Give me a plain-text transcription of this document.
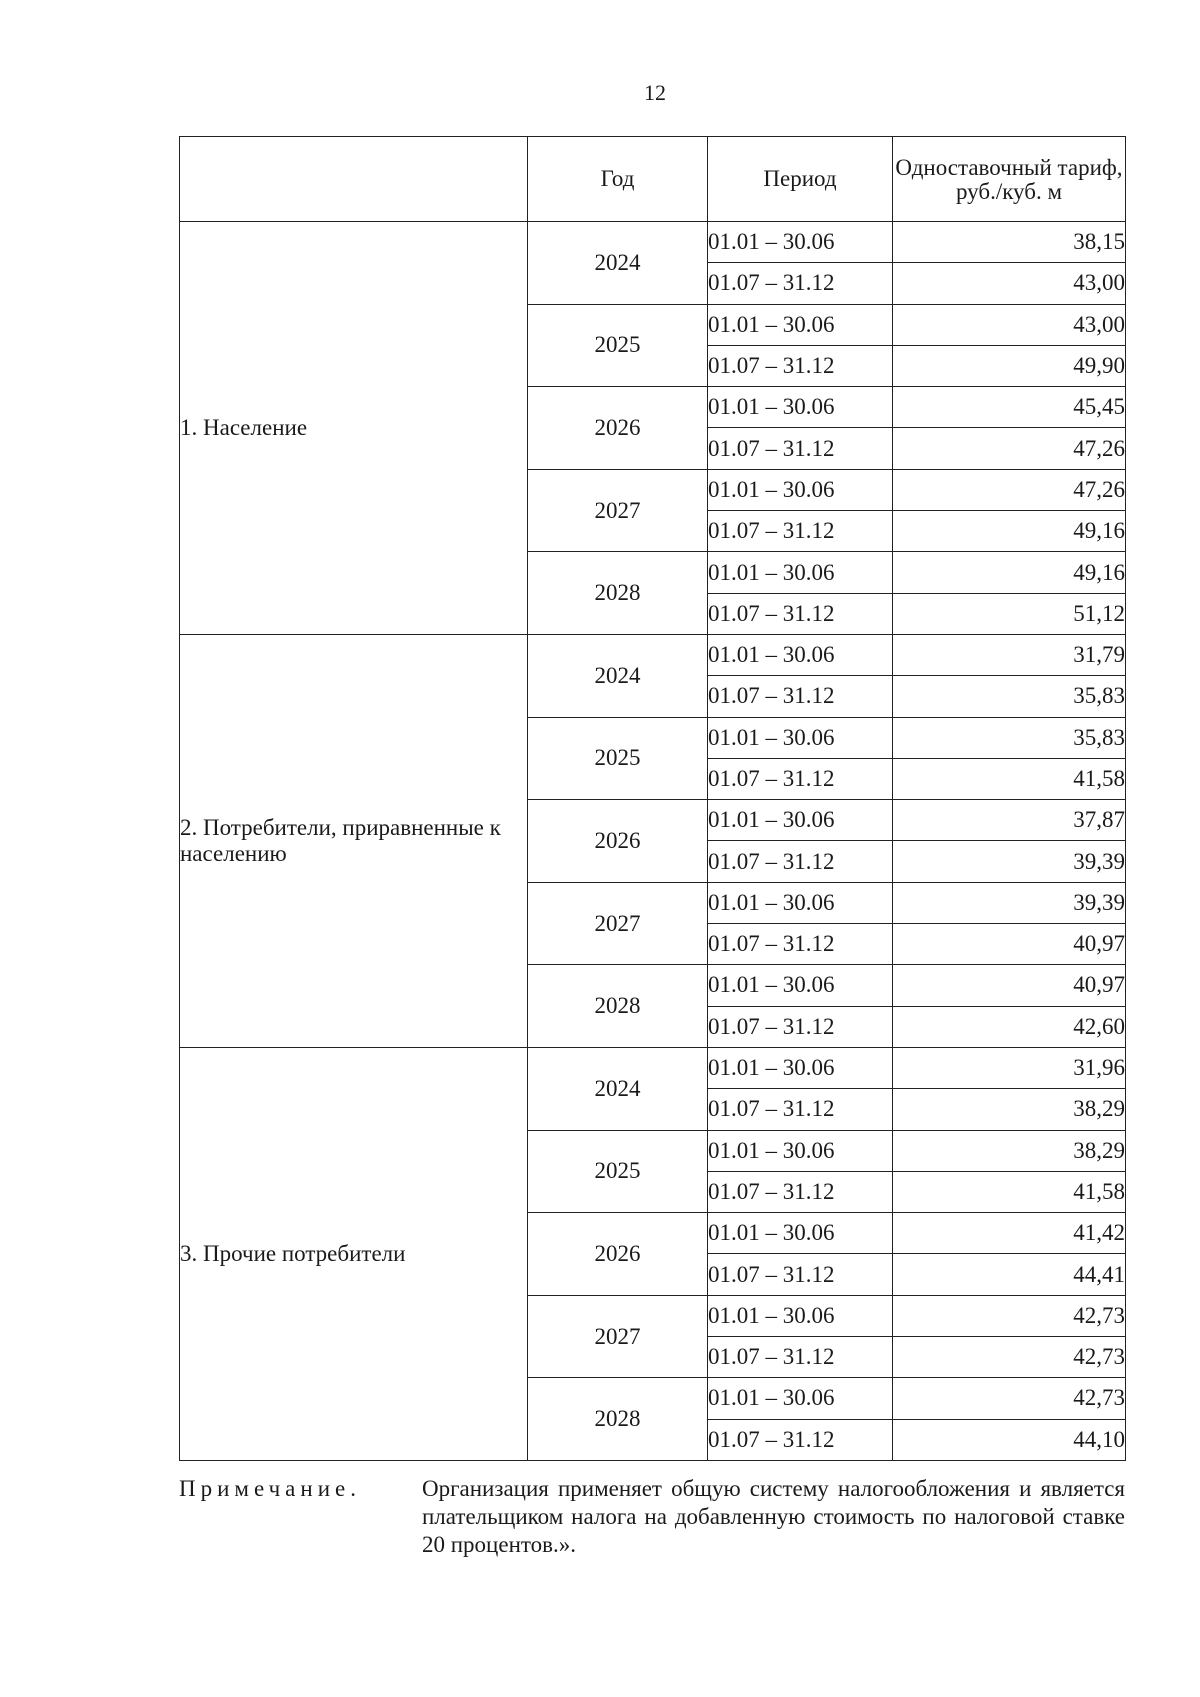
12
	Год	Период	Одноставочный тариф, руб./куб. м
1. Население	2024	01.01 – 30.06	38,15
		01.07 – 31.12	43,00
	2025	01.01 – 30.06	43,00
		01.07 – 31.12	49,90
	2026	01.01 – 30.06	45,45
		01.07 – 31.12	47,26
	2027	01.01 – 30.06	47,26
		01.07 – 31.12	49,16
	2028	01.01 – 30.06	49,16
		01.07 – 31.12	51,12
2. Потребители, приравненные к населению	2024	01.01 – 30.06	31,79
		01.07 – 31.12	35,83
	2025	01.01 – 30.06	35,83
		01.07 – 31.12	41,58
	2026	01.01 – 30.06	37,87
		01.07 – 31.12	39,39
	2027	01.01 – 30.06	39,39
		01.07 – 31.12	40,97
	2028	01.01 – 30.06	40,97
		01.07 – 31.12	42,60
3. Прочие потребители	2024	01.01 – 30.06	31,96
		01.07 – 31.12	38,29
	2025	01.01 – 30.06	38,29
		01.07 – 31.12	41,58
	2026	01.01 – 30.06	41,42
		01.07 – 31.12	44,41
	2027	01.01 – 30.06	42,73
		01.07 – 31.12	42,73
	2028	01.01 – 30.06	42,73
		01.07 – 31.12	44,10
Примечание.	Организация применяет общую систему налогообложения и является плательщиком налога на добавленную стоимость по налоговой ставке 20 процентов.».
